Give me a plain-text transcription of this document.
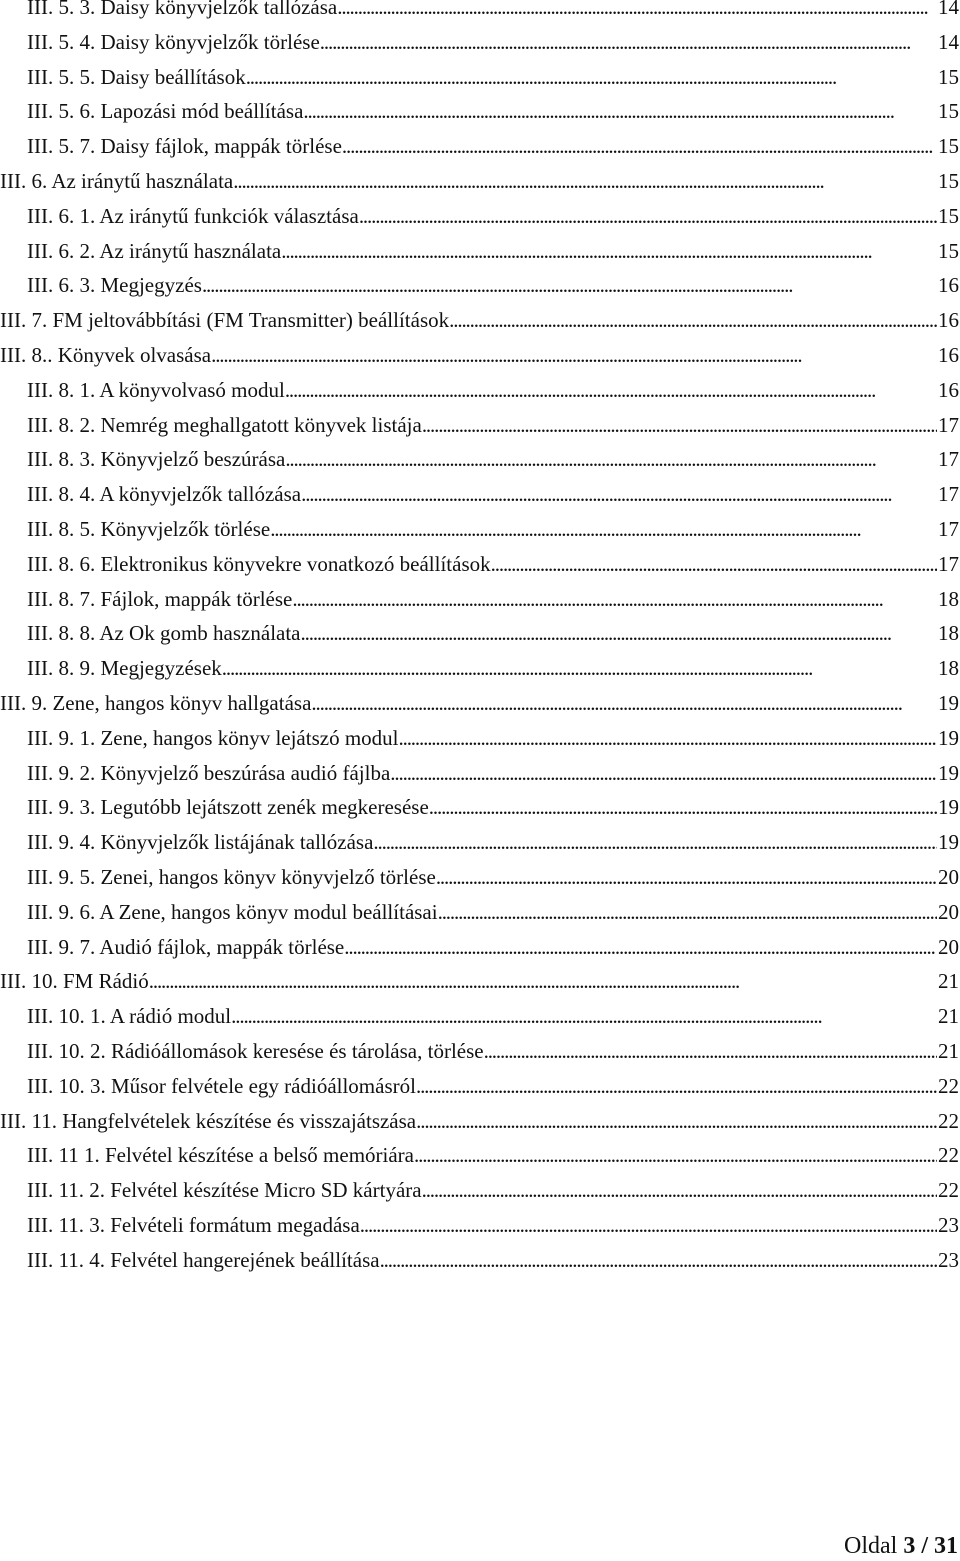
III. 5. 3. Daisy könyvjelzők tallózása . . .	14
III. 5. 4. Daisy könyvjelzők törlése . . .	14
III. 5. 5. Daisy beállítások . . .	15
III. 5. 6. Lapozási mód beállítása . . .	15
III. 5. 7. Daisy fájlok, mappák törlése . . .	15
III. 6. Az iránytű használata . . .	15
III. 6. 1. Az iránytű funkciók választása . . .	15
III. 6. 2. Az iránytű használata . . .	15
III. 6. 3. Megjegyzés . . .	16
III. 7. FM jeltovábbítási (FM Transmitter) beállítások . . .	16
III. 8.. Könyvek olvasása . . .	16
III. 8. 1. A könyvolvasó modul . . .	16
III. 8. 2. Nemrég meghallgatott könyvek listája . . .	17
III. 8. 3. Könyvjelző beszúrása . . .	17
III. 8. 4. A könyvjelzők tallózása . . .	17
III. 8. 5. Könyvjelzők törlése . . .	17
III. 8. 6. Elektronikus könyvekre vonatkozó beállítások . . .	17
III. 8. 7. Fájlok, mappák törlése . . .	18
III. 8. 8. Az Ok gomb használata . . .	18
III. 8. 9. Megjegyzések . . .	18
III. 9. Zene, hangos könyv hallgatása . . .	19
III. 9. 1. Zene, hangos könyv lejátszó modul . . .	19
III. 9. 2. Könyvjelző beszúrása audió fájlba . . .	19
III. 9. 3. Legutóbb lejátszott zenék megkeresése . . .	19
III. 9. 4. Könyvjelzők listájának tallózása . . .	19
III. 9. 5. Zenei, hangos könyv könyvjelző törlése . . .	20
III. 9. 6. A Zene, hangos könyv modul beállításai . . .	20
III. 9. 7. Audió fájlok, mappák törlése . . .	20
III. 10. FM Rádió . . .	21
III. 10. 1. A rádió modul . . .	21
III. 10. 2. Rádióállomások keresése és tárolása, törlése . . .	21
III. 10. 3. Műsor felvétele egy rádióállomásról . . .	22
III. 11. Hangfelvételek készítése és visszajátszása . . .	22
III. 11 1. Felvétel készítése a belső memóriára . . .	22
III. 11. 2. Felvétel készítése Micro SD kártyára . . .	22
III. 11. 3. Felvételi formátum megadása . . .	23
III. 11. 4. Felvétel hangerejének beállítása . . .	23
Oldal 3 / 31
